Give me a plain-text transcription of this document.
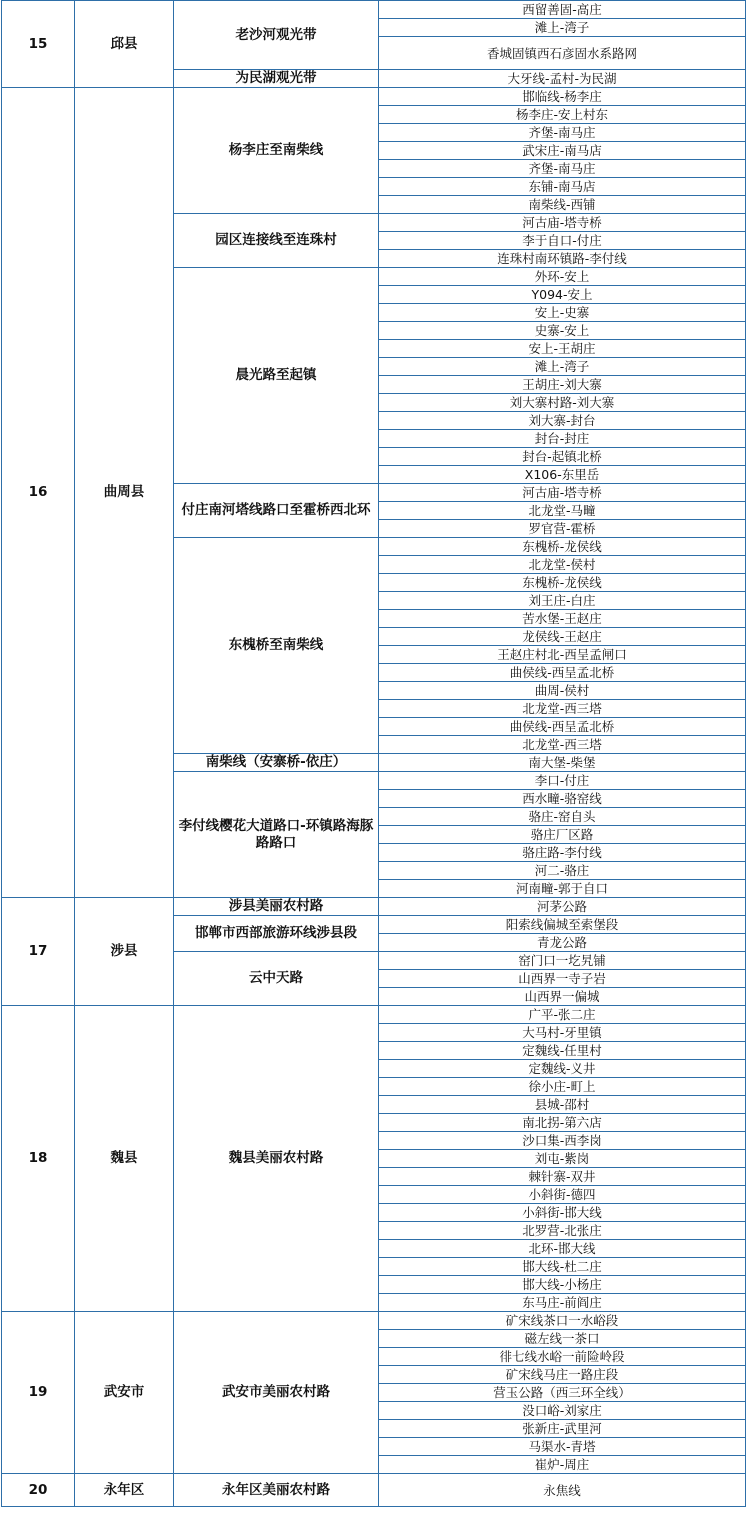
15	邱县	老沙河观光带	西留善固-高庄
			滩上-湾子
			香城固镇西石彦固水系路网
		为民湖观光带	大牙线-孟村-为民湖
16	曲周县	杨李庄至南柴线	邯临线-杨李庄
			杨李庄-安上村东
			齐堡-南马庄
			武宋庄-南马店
			齐堡-南马庄
			东铺-南马店
			南柴线-西铺
		园区连接线至连珠村	河古庙-塔寺桥
			李于自口-付庄
			连珠村南环镇路-李付线
		晨光路至起镇	外环-安上
			Y094-安上
			安上-史寨
			史寨-安上
			安上-王胡庄
			滩上-湾子
			王胡庄-刘大寨
			刘大寨村路-刘大寨
			刘大寨-封台
			封台-封庄
			封台-起镇北桥
			X106-东里岳
		付庄南河塔线路口至霍桥西北环	河古庙-塔寺桥
			北龙堂-马疃
			罗官营-霍桥
		东槐桥至南柴线	东槐桥-龙侯线
			北龙堂-侯村
			东槐桥-龙侯线
			刘王庄-白庄
			苦水堡-王赵庄
			龙侯线-王赵庄
			王赵庄村北-西呈孟闸口
			曲侯线-西呈孟北桥
			曲周-侯村
			北龙堂-西三塔
			曲侯线-西呈孟北桥
			北龙堂-西三塔
		南柴线（安寨桥-依庄）	南大堡-柴堡
		李付线樱花大道路口-环镇路海豚路路口	李口-付庄
			西水疃-骆窑线
			骆庄-窑自头
			骆庄厂区路
			骆庄路-李付线
			河二-骆庄
			河南疃-郭于自口
17	涉县	涉县美丽农村路	河茅公路
		邯郸市西部旅游环线涉县段	阳索线偏城至索堡段
			青龙公路
		云中天路	窑门口一圪旯铺
			山西界一寺子岩
			山西界一偏城
18	魏县	魏县美丽农村路	广平-张二庄
			大马村-牙里镇
			定魏线-任里村
			定魏线-义井
			徐小庄-町上
			县城-邵村
			南北拐-第六店
			沙口集-西李岗
			刘屯-紫岗
			棘针寨-双井
			小斜街-德四
			小斜街-邯大线
			北罗营-北张庄
			北环-邯大线
			邯大线-杜二庄
			邯大线-小杨庄
			东马庄-前阎庄
19	武安市	武安市美丽农村路	矿宋线茶口一水峪段
			磁左线一茶口
			徘七线水峪一前险岭段
			矿宋线马庄一路庄段
			营玉公路（西三环全线）
			没口峪-刘家庄
			张新庄-武里河
			马渠水-青塔
			崔炉-周庄
20	永年区	永年区美丽农村路	永焦线
